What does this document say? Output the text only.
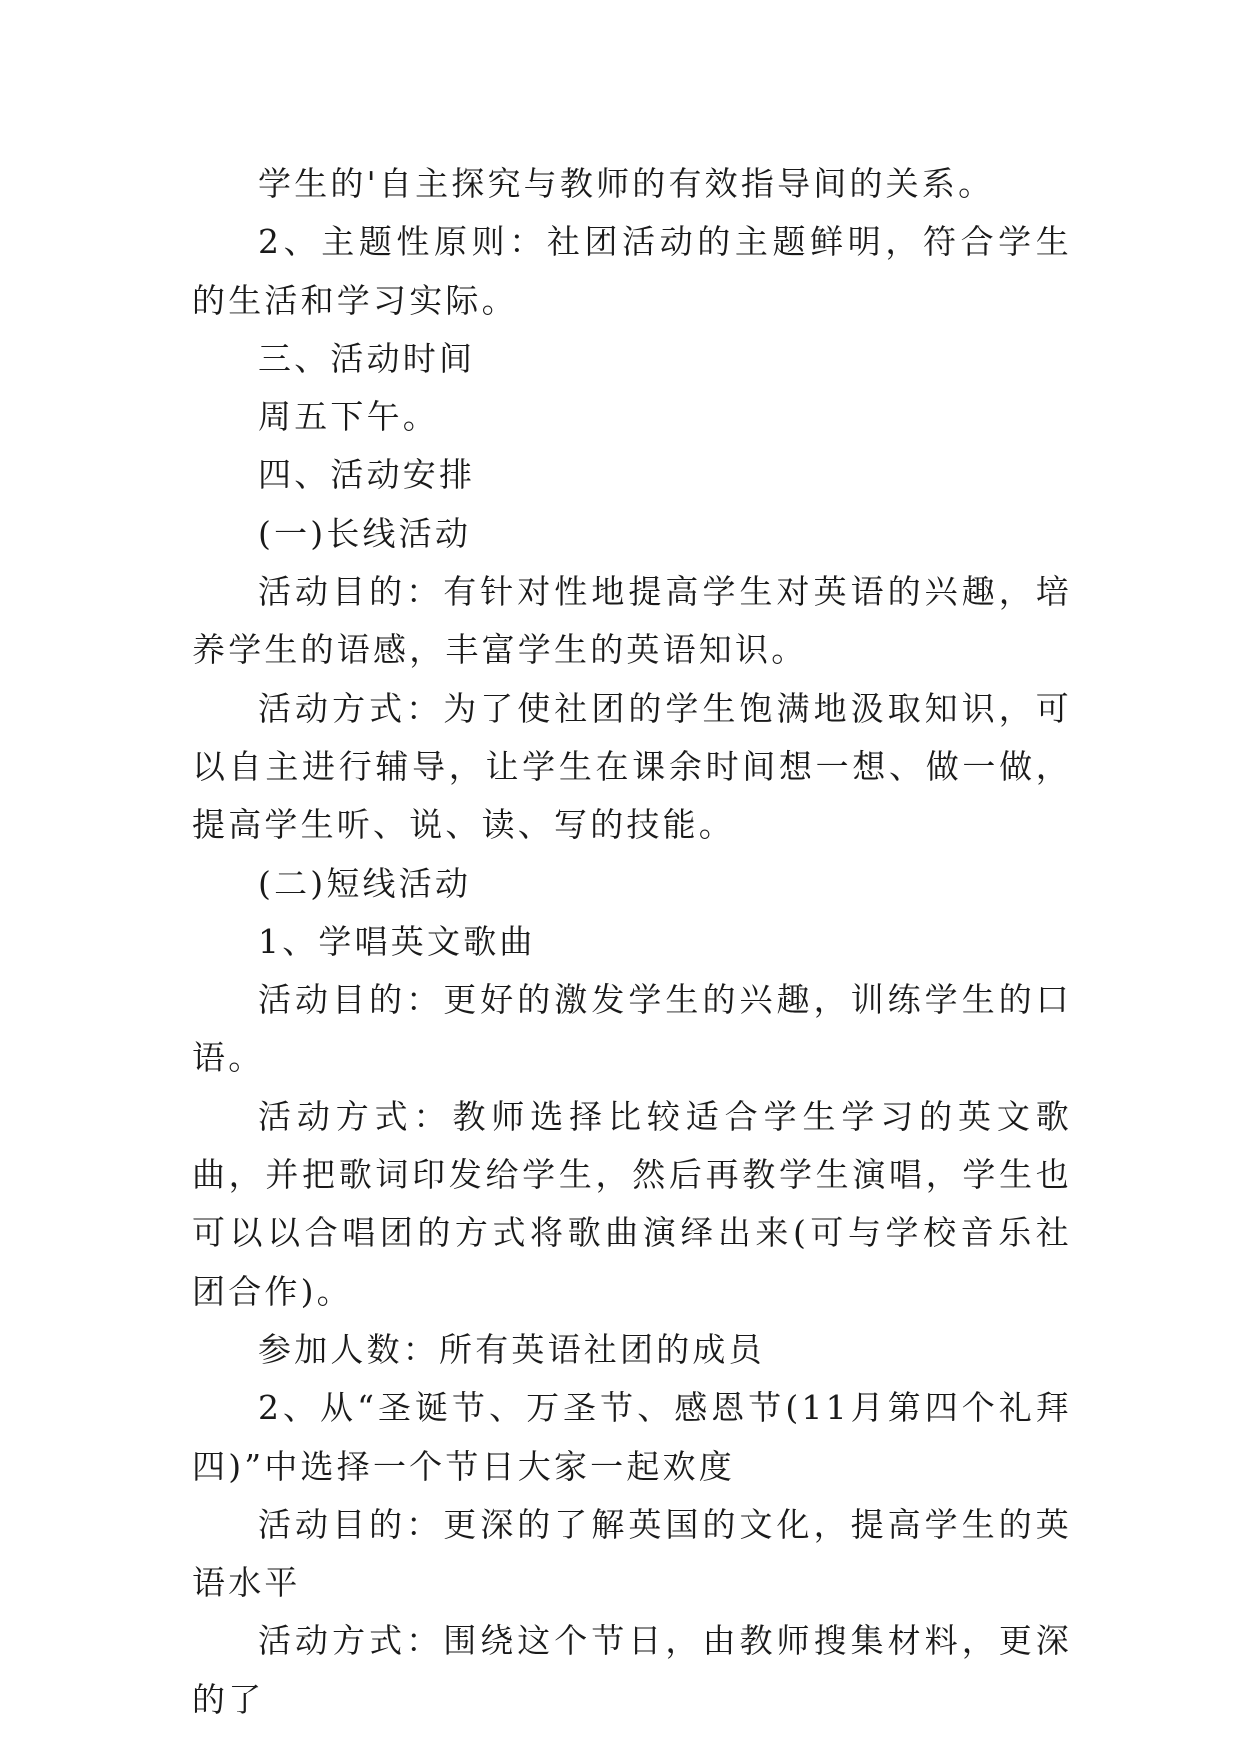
学生的'自主探究与教师的有效指导间的关系。

2、主题性原则：社团活动的主题鲜明，符合学生的生活和学习实际。

三、活动时间

周五下午。

四、活动安排

(一)长线活动

活动目的：有针对性地提高学生对英语的兴趣，培养学生的语感，丰富学生的英语知识。

活动方式：为了使社团的学生饱满地汲取知识，可以自主进行辅导，让学生在课余时间想一想、做一做，提高学生听、说、读、写的技能。

(二)短线活动

1、学唱英文歌曲

活动目的：更好的激发学生的兴趣，训练学生的口语。

活动方式：教师选择比较适合学生学习的英文歌曲，并把歌词印发给学生，然后再教学生演唱，学生也可以以合唱团的方式将歌曲演绎出来(可与学校音乐社团合作)。

参加人数：所有英语社团的成员

2、从“圣诞节、万圣节、感恩节(11月第四个礼拜四)”中选择一个节日大家一起欢度

活动目的：更深的了解英国的文化，提高学生的英语水平

活动方式：围绕这个节日，由教师搜集材料，更深的了
